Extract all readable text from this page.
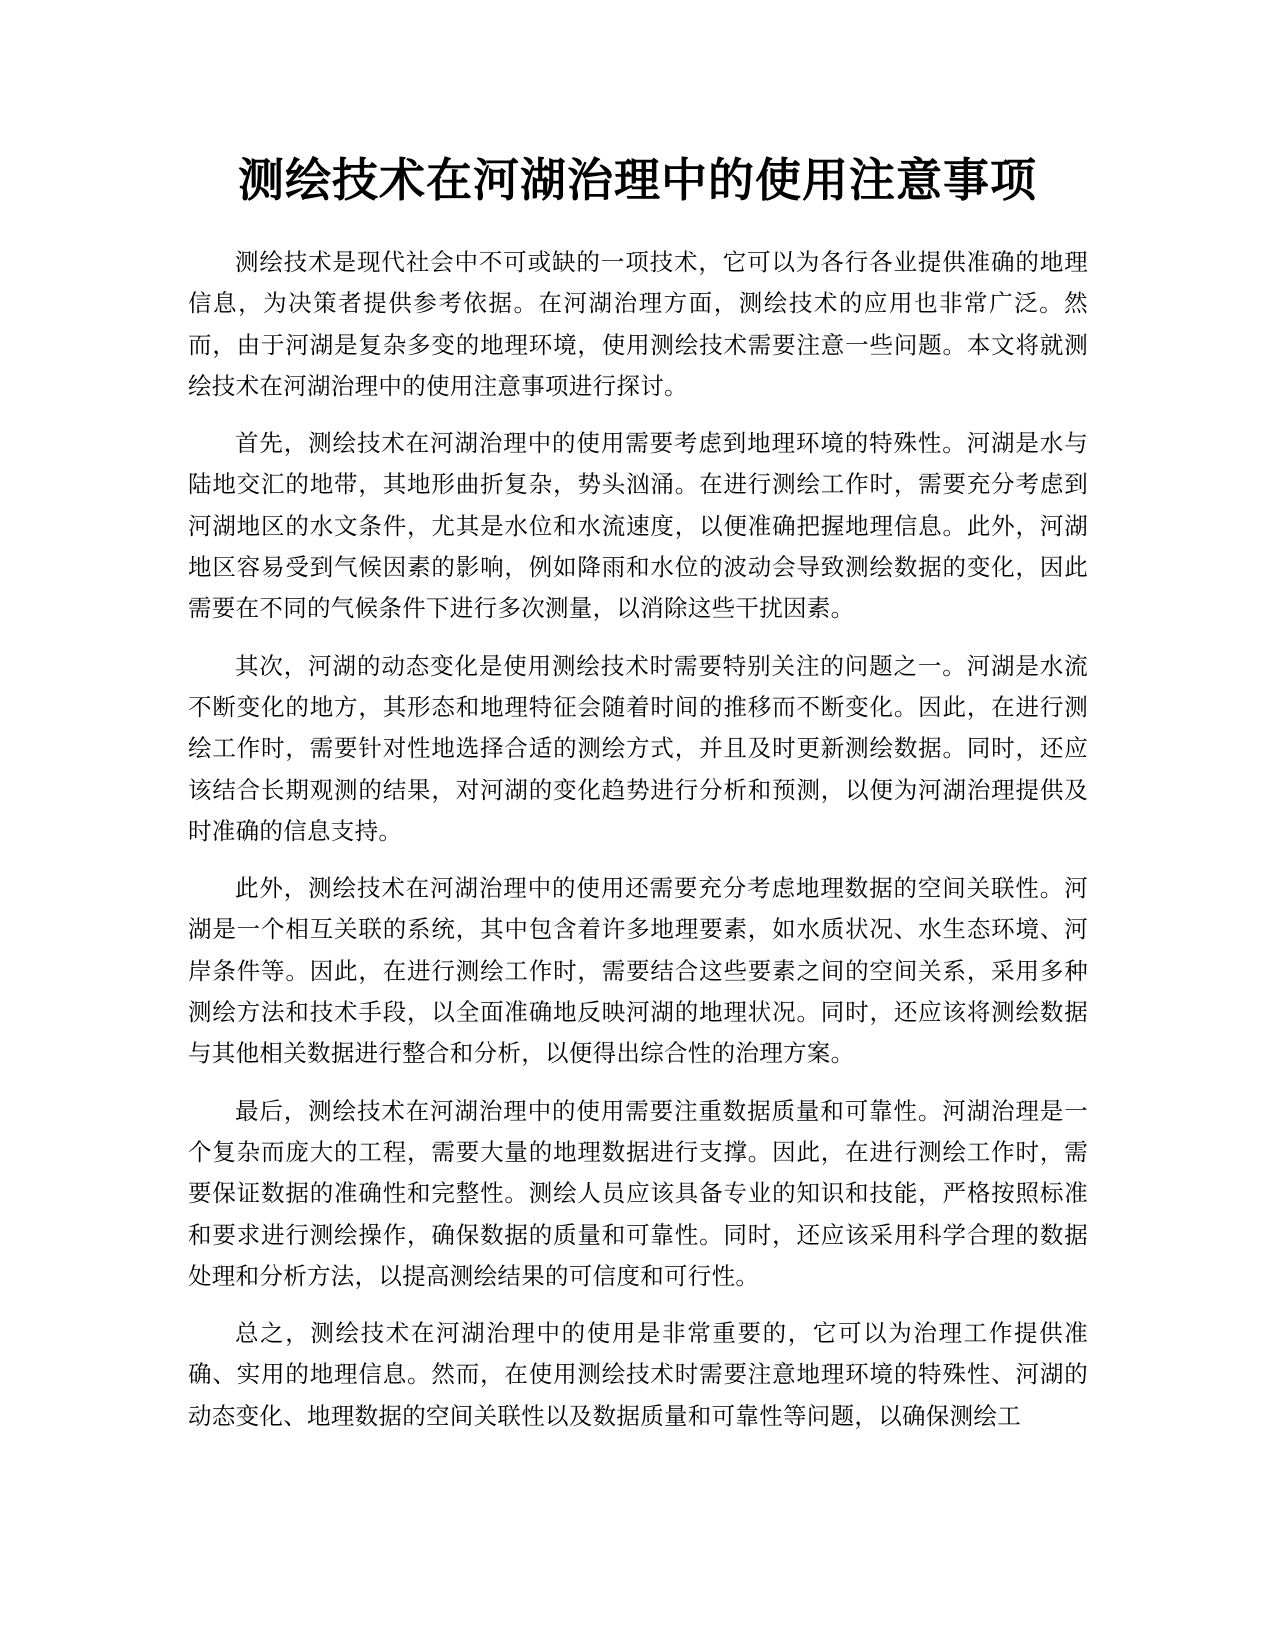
测绘技术在河湖治理中的使用注意事项

测绘技术是现代社会中不可或缺的一项技术，它可以为各行各业提供准确的地理信息，为决策者提供参考依据。在河湖治理方面，测绘技术的应用也非常广泛。然而，由于河湖是复杂多变的地理环境，使用测绘技术需要注意一些问题。本文将就测绘技术在河湖治理中的使用注意事项进行探讨。

首先，测绘技术在河湖治理中的使用需要考虑到地理环境的特殊性。河湖是水与陆地交汇的地带，其地形曲折复杂，势头汹涌。在进行测绘工作时，需要充分考虑到河湖地区的水文条件，尤其是水位和水流速度，以便准确把握地理信息。此外，河湖地区容易受到气候因素的影响，例如降雨和水位的波动会导致测绘数据的变化，因此需要在不同的气候条件下进行多次测量，以消除这些干扰因素。

其次，河湖的动态变化是使用测绘技术时需要特别关注的问题之一。河湖是水流不断变化的地方，其形态和地理特征会随着时间的推移而不断变化。因此，在进行测绘工作时，需要针对性地选择合适的测绘方式，并且及时更新测绘数据。同时，还应该结合长期观测的结果，对河湖的变化趋势进行分析和预测，以便为河湖治理提供及时准确的信息支持。

此外，测绘技术在河湖治理中的使用还需要充分考虑地理数据的空间关联性。河湖是一个相互关联的系统，其中包含着许多地理要素，如水质状况、水生态环境、河岸条件等。因此，在进行测绘工作时，需要结合这些要素之间的空间关系，采用多种测绘方法和技术手段，以全面准确地反映河湖的地理状况。同时，还应该将测绘数据与其他相关数据进行整合和分析，以便得出综合性的治理方案。

最后，测绘技术在河湖治理中的使用需要注重数据质量和可靠性。河湖治理是一个复杂而庞大的工程，需要大量的地理数据进行支撑。因此，在进行测绘工作时，需要保证数据的准确性和完整性。测绘人员应该具备专业的知识和技能，严格按照标准和要求进行测绘操作，确保数据的质量和可靠性。同时，还应该采用科学合理的数据处理和分析方法，以提高测绘结果的可信度和可行性。

总之，测绘技术在河湖治理中的使用是非常重要的，它可以为治理工作提供准确、实用的地理信息。然而，在使用测绘技术时需要注意地理环境的特殊性、河湖的动态变化、地理数据的空间关联性以及数据质量和可靠性等问题，以确保测绘工
